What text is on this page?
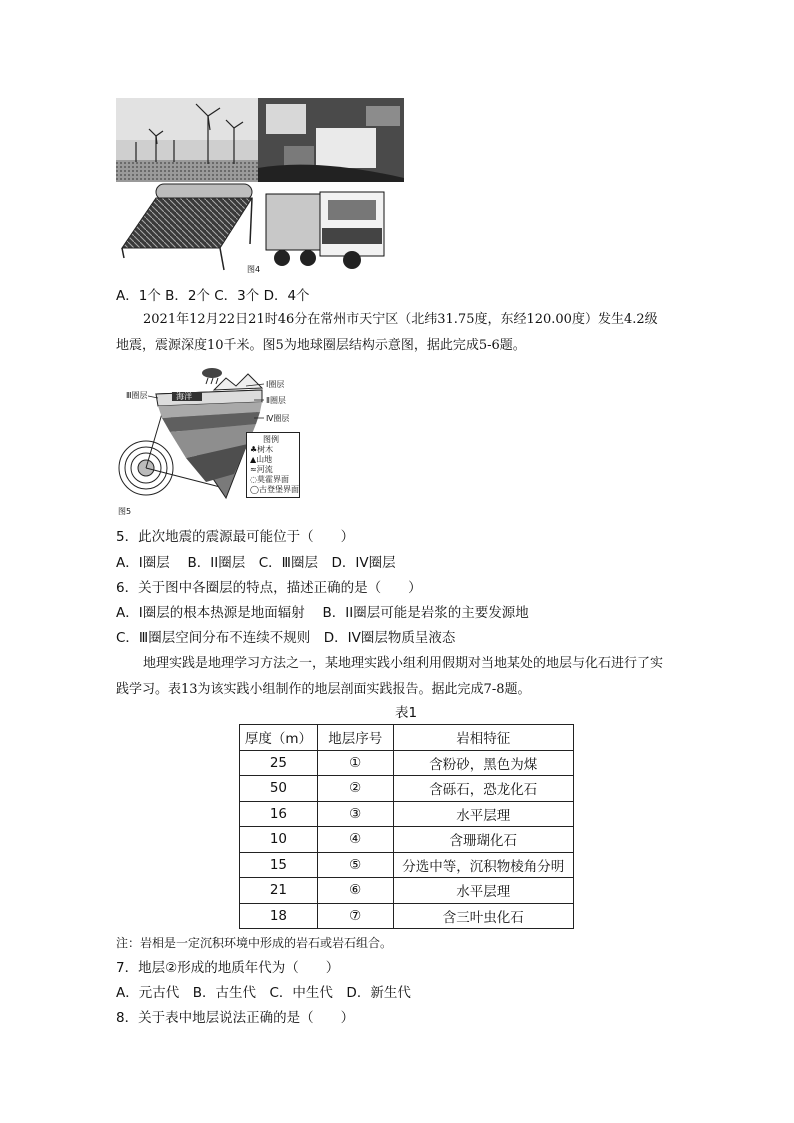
图4
A．1个 B．2个 C．3个 D．4个
2021年12月22日21时46分在常州市天宁区（北纬31.75度，东经120.00度）发生4.2级
地震，震源深度10千米。图5为地球圈层结构示意图，据此完成5-6题。
Ⅲ圈层	海洋
Ⅰ圈层
Ⅱ圈层
Ⅳ圈层
图例
♣树木
▲山地
≈河流
◌莫霍界面
◯古登堡界面
图5
5．此次地震的震源最可能位于（　　）
A．I圈层　 B．II圈层　C．Ⅲ圈层　D．IV圈层
6．关于图中各圈层的特点，描述正确的是（　　）
A．I圈层的根本热源是地面辐射　 B．II圈层可能是岩浆的主要发源地
C．Ⅲ圈层空间分布不连续不规则　D．IV圈层物质呈液态
地理实践是地理学习方法之一，某地理实践小组利用假期对当地某处的地层与化石进行了实
践学习。表13为该实践小组制作的地层剖面实践报告。据此完成7-8题。
表1
厚度（m）	地层序号	岩相特征
25	①	含粉砂，黑色为煤
50	②	含砾石，恐龙化石
16	③	水平层理
10	④	含珊瑚化石
15	⑤	分选中等，沉积物棱角分明
21	⑥	水平层理
18	⑦	含三叶虫化石
注：岩相是一定沉积环境中形成的岩石或岩石组合。
7．地层②形成的地质年代为（　　）
A．元古代　B．古生代　C．中生代　D．新生代
8．关于表中地层说法正确的是（　　）
